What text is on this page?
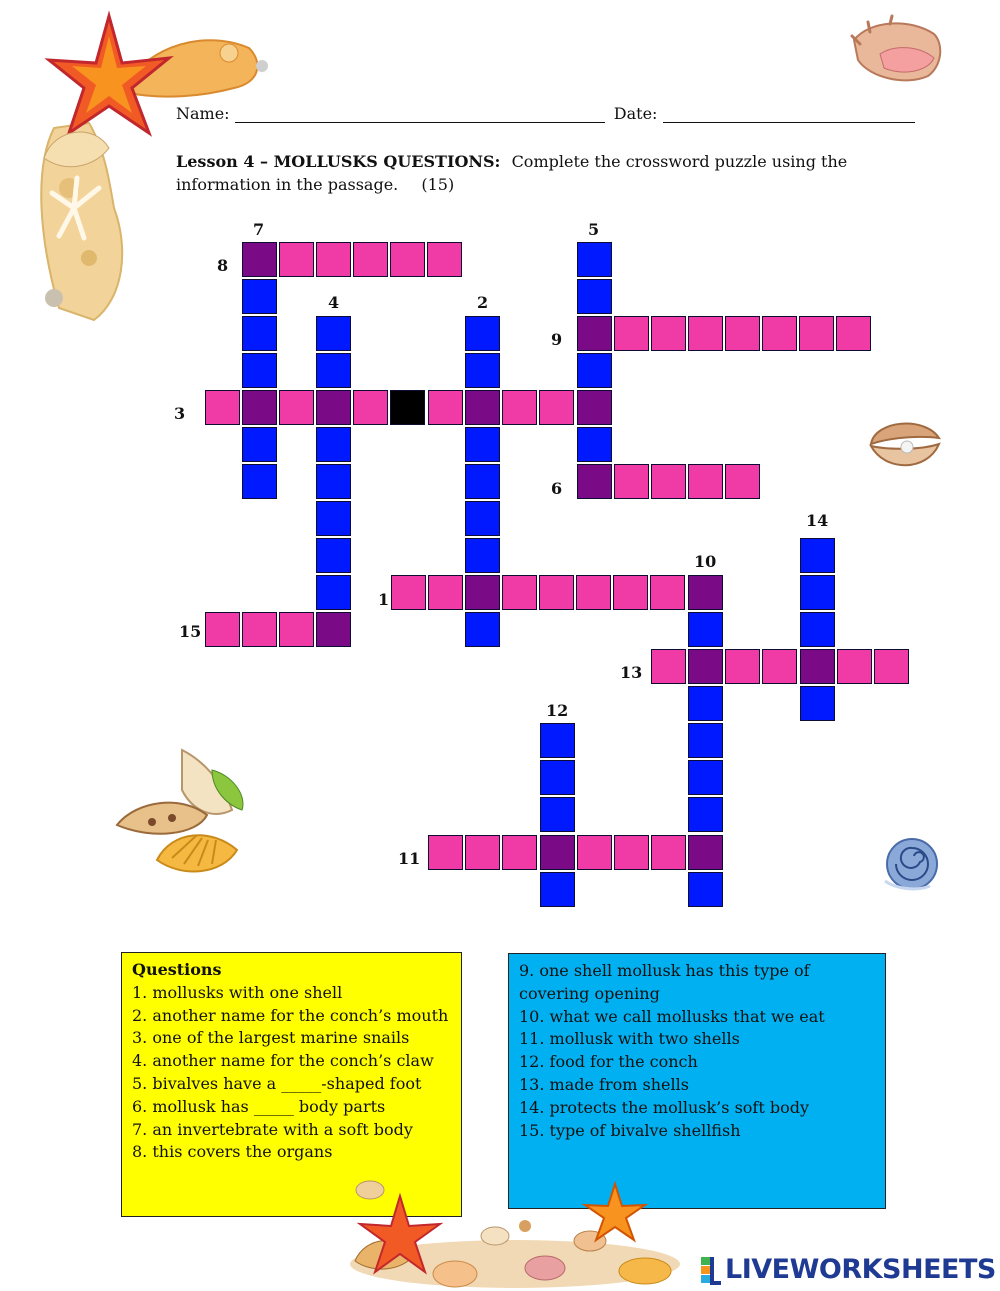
Name:	Date:
Lesson 4 – MOLLUSKS QUESTIONS: Complete the crossword puzzle using the information in the passage. (15)
7
8
5
4	2
9
3
6
14
10
1
15
13
12
11
Questions

1. mollusks with one shell

2. another name for the conch’s mouth

3. one of the largest marine snails

4. another name for the conch’s claw

5. bivalves have a _____-shaped foot

6. mollusk has _____ body parts

7. an invertebrate with a soft body

8. this covers the organs

9. one shell mollusk has this type of covering opening

10. what we call mollusks that we eat

11. mollusk with two shells

12. food for the conch

13. made from shells

14. protects the mollusk’s soft body

15. type of bivalve shellfish

LIVEWORKSHEETS
